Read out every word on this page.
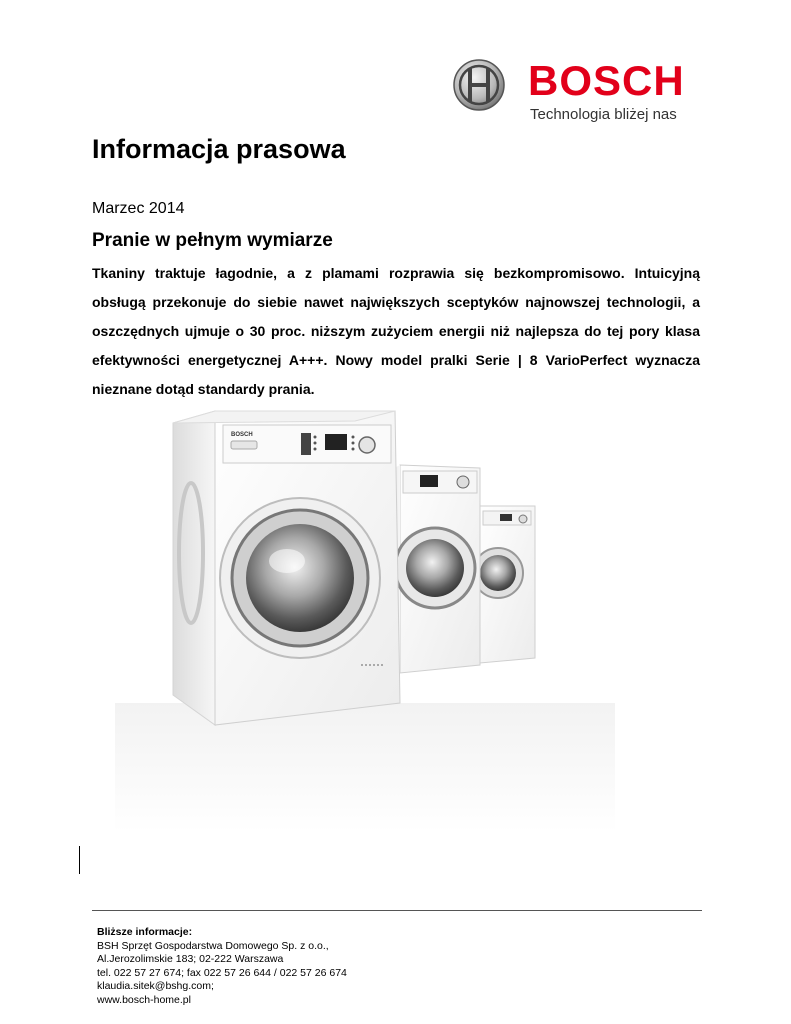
BOSCH
Technologia bliżej nas
Informacja prasowa
Marzec 2014
Pranie w pełnym wymiarze

Tkaniny traktuje łagodnie, a z plamami rozprawia się bezkompromisowo. Intuicyjną obsługą przekonuje do siebie nawet największych sceptyków najnowszej technologii, a oszczędnych ujmuje o 30 proc. niższym zużyciem energii niż najlepsza do tej pory klasa efektywności energetycznej A+++. Nowy model pralki Serie | 8 VarioPerfect wyznacza nieznane dotąd standardy prania.

BOSCH
Bliższe informacje:
BSH Sprzęt Gospodarstwa Domowego Sp. z o.o.,
Al.Jerozolimskie 183; 02-222 Warszawa
tel. 022 57 27 674; fax 022 57 26 644 / 022 57 26 674
klaudia.sitek@bshg.com;
www.bosch-home.pl
